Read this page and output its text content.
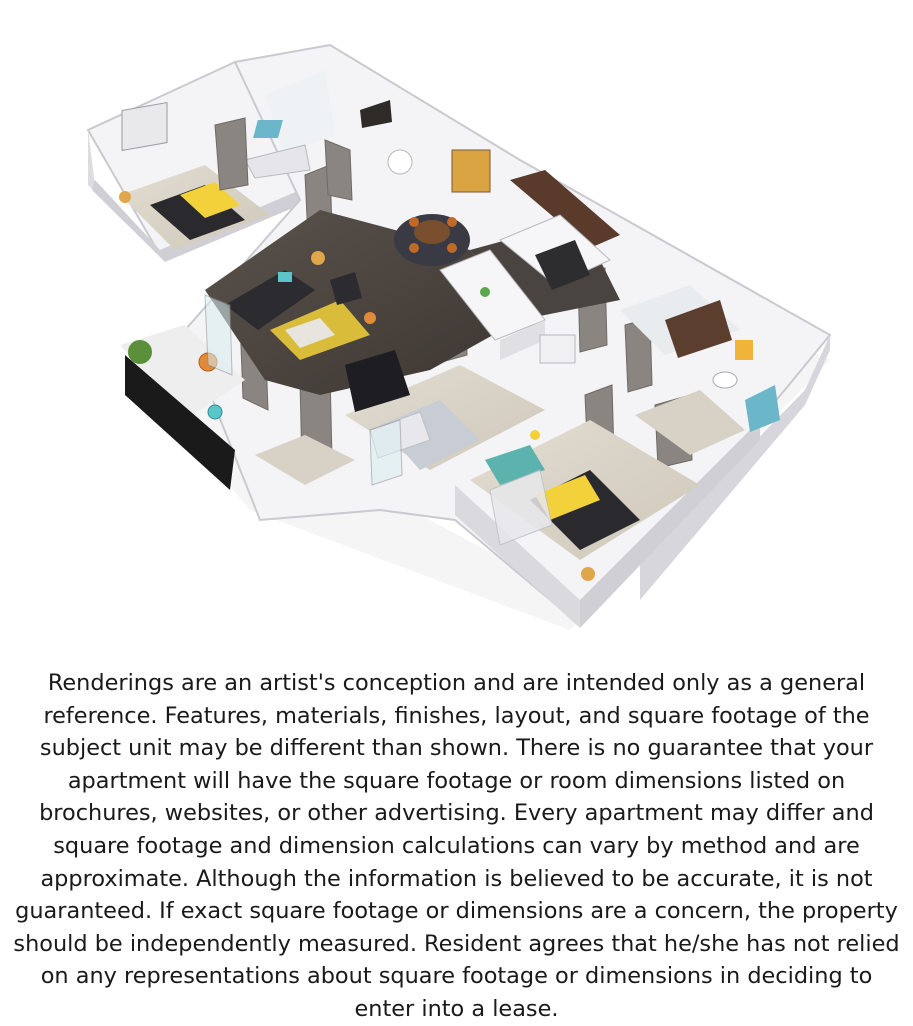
Renderings are an artist's conception and are intended only as a general reference. Features, materials, finishes, layout, and square footage of the subject unit may be different than shown. There is no guarantee that your apartment will have the square footage or room dimensions listed on brochures, websites, or other advertising. Every apartment may differ and square footage and dimension calculations can vary by method and are approximate. Although the information is believed to be accurate, it is not guaranteed. If exact square footage or dimensions are a concern, the property should be independently measured. Resident agrees that he/she has not relied on any representations about square footage or dimensions in deciding to enter into a lease.
